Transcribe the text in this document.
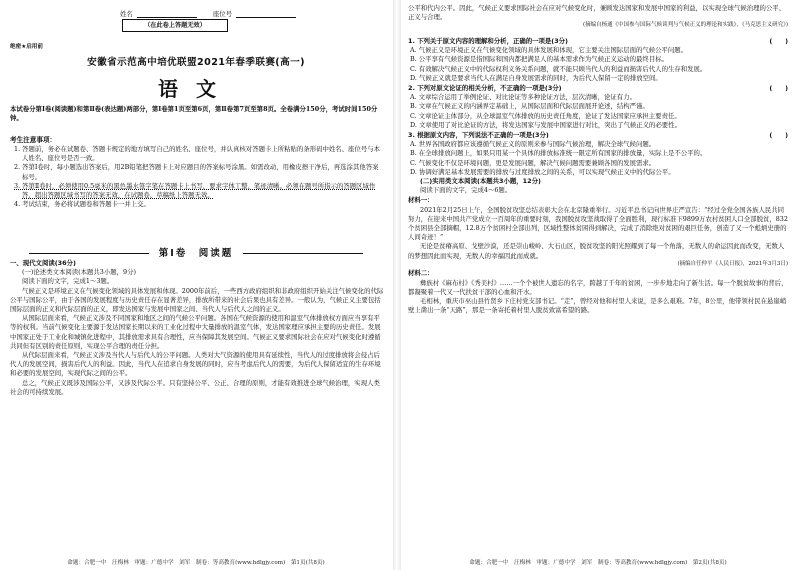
姓名	座位号
（在此卷上答题无效）
绝密★启用前
安徽省示范高中培优联盟2021年春季联赛(高一)
语文
本试卷分第Ⅰ卷(阅读题)和第Ⅱ卷(表达题)两部分，第Ⅰ卷第1页至第6页，第Ⅱ卷第7页至第8页。全卷满分150分，考试时间150分钟。
考生注意事项：
1. 答题前，务必在试题卷、答题卡规定的地方填写自己的姓名、座位号，并认真核对答题卡上所粘贴的条形码中姓名、座位号与本人姓名、座位号是否一致。
2. 答第Ⅰ卷时，每小题选出答案后，用2B铅笔把答题卡上对应题目的答案标号涂黑。如需改动，用橡皮擦干净后，再选涂其他答案标号。
3. 答第Ⅱ卷时，必须使用0.5毫米的黑色墨水签字笔在答题卡上书写，要求字体工整、笔迹清晰。必须在题号所指示的答题区域作答，超出答题区域书写的答案无效，在试题卷、草稿纸上答题无效。
4. 考试结束，务必将试题卷和答题卡一并上交。
第Ⅰ卷　阅读题
一、现代文阅读(36分)
(一)论述类文本阅读(本题共3小题，9分)
阅读下面的文字，完成1～3题。
气候正义是环境正义在气候变化领域的具体发展和体现。2000年前后，一些西方政府组织和非政府组织开始关注气候变化的代际公平与国际公平，由于各国的发展程度与历史责任存在显著差异，排放所带来的社会后果也具有差异。一般认为，气候正义主要包括国际层面的正义和代际层面的正义，即发达国家与发展中国家之间、当代人与后代人之间的正义。
从国际层面来看，气候正义涉及不同国家和地区之间的气候公平问题。各国在气候资源的使用和温室气体排放权方面应当享有平等的权利。当前气候变化主要源于发达国家长期以来的工业化过程中大量排放的温室气体，发达国家理应承担主要的历史责任。发展中国家正处于工业化和城镇化进程中，其排放需求具有合理性，应当保障其发展空间。气候正义要求国际社会在应对气候变化时遵循共同但有区别的责任原则，实现公平合理的责任分担。
从代际层面来看，气候正义涉及当代人与后代人的公平问题。人类对大气资源的使用具有延续性，当代人的过度排放将会侵占后代人的发展空间，损害后代人的利益。因此，当代人在追求自身发展的同时，应当考虑后代人的需要，为后代人保留适宜的生存环境和必要的发展空间，实现代际之间的公平。
总之，气候正义既涉及国际公平，又涉及代际公平。只有坚持公平、公正、合理的原则，才能有效推进全球气候治理，实现人类社会的可持续发展。
命题：合肥一中　汪梅林　审题：广德中学　刘军　制卷：等高教育(www.hdlgjy.com)　第1页(共8页)
公平和代内公平。因此，气候正义要求国际社会在应对气候变化时，兼顾发达国家和发展中国家的利益，以实现全球气候治理的公平、正义与合理。
(摘编自杨通《中国参与国际气候谈判与气候正义的理论和实践》，《马克思主义研究》)
1. 下列关于原文内容的理解和分析，正确的一项是(3分)	(　　)
A. 气候正义是环境正义在气候变化领域的具体发展和体现，它主要关注国际层面的气候公平问题。
B. 公平享有气候资源是指国际和国内都把满足人的基本需求作为气候正义运动的最终目标。
C. 有效解决气候正义中的代际权利义务关系问题，就不能只顾当代人的利益而损害后代人的生存和发展。
D. 气候正义就是要求当代人在满足自身发展需求的同时，为后代人保留一定的排放空间。
2. 下列对原文论证的相关分析，不正确的一项是(3分)	(　　)
A. 文章综合运用了举例论证、对比论证等多种论证方法，层次清晰，论证有力。
B. 文章在气候正义的内涵界定基础上，从国际层面和代际层面展开论述，结构严谨。
C. 文章论证主体部分，从全球温室气体排放的历史责任角度，论证了发达国家应承担主要责任。
D. 文章使用了对比论证的方法，将发达国家与发展中国家进行对比，突出了气候正义的必要性。
3. 根据原文内容，下列说法不正确的一项是(3分)	(　　)
A. 世界各国政府都应该遵循气候正义的原则来参与国际气候治理，解决全球气候问题。
B. 在全球排放问题上，如果只用某一个具体的排放标准统一限定所有国家的排放量，实际上是不公平的。
C. 气候变化不仅是环境问题，更是发展问题，解决气候问题需要兼顾各国的发展需求。
D. 协调好满足基本发展需要的排放与过度排放之间的关系，可以实现气候正义中的代际公平。
(二)实用类文本阅读(本题共3小题，12分)
阅读下面的文字，完成4～6题。
材料一：
2021年2月25日上午，全国脱贫攻坚总结表彰大会在北京隆重举行。习近平总书记向世界庄严宣告：“经过全党全国各族人民共同努力，在迎来中国共产党成立一百周年的重要时刻，我国脱贫攻坚战取得了全面胜利，现行标准下9899万农村贫困人口全部脱贫，832个贫困县全部摘帽，12.8万个贫困村全部出列，区域性整体贫困得到解决，完成了消除绝对贫困的艰巨任务，创造了又一个彪炳史册的人间奇迹！”
无论是贫瘠高原、戈壁沙漠，还是崇山峻岭、大石山区，脱贫攻坚的阳光照耀到了每一个角落，无数人的命运因此而改变，无数人的梦想因此而实现，无数人的幸福因此而成就。
(摘编自任仲平《人民日报》，2021年3月3日)
材料二：
彝族村《麻布村》《秀美村》……一个个被世人遗忘的名字，跨越了千年的贫困，一步步地走向了新生活。每一个脱贫故事的背后，都凝聚着一代又一代扶贫干部的心血和汗水。
毛相林，重庆市巫山县竹贤乡下庄村党支部书记。“走”，曾经对他和村里人来说，是多么艰难。7年，8公里，他带领村民在悬崖峭壁上凿出一条“天路”，那是一条寄托着村里人脱贫致富希望的路。
命题：合肥一中　汪梅林　审题：广德中学　刘军　制卷：等高教育(www.hdlgjy.com)　第2页(共8页)
